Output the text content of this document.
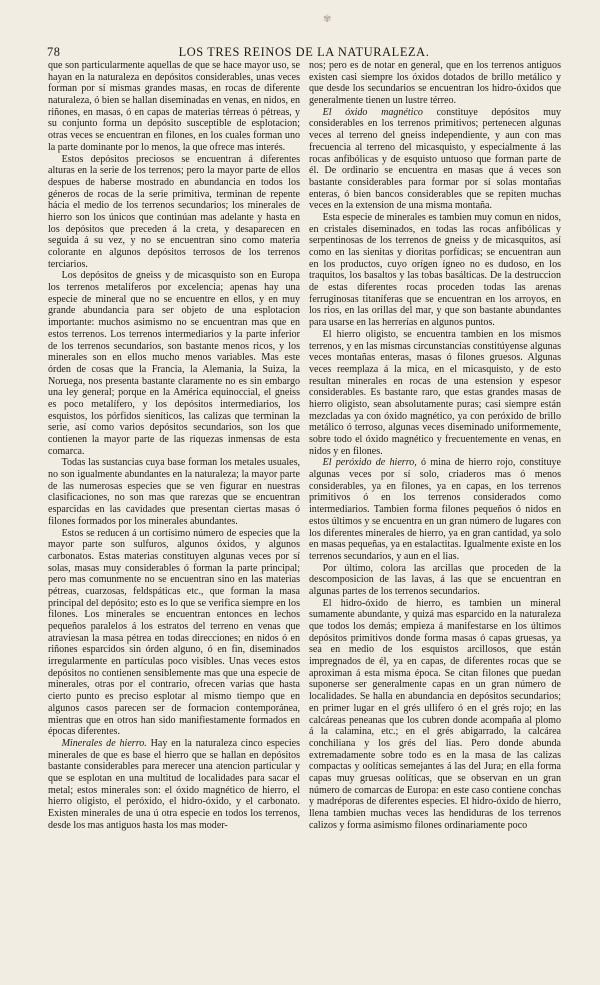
✾
78	LOS TRES REINOS DE LA NATURALEZA.

que son particularmente aquellas de que se hace mayor uso, se hayan en la naturaleza en depósitos considerables, unas veces forman por sí mismas grandes masas, en rocas de diferente naturaleza, ó bien se hallan diseminadas en venas, en nidos, en riñones, en masas, ó en capas de materias térreas ó pétreas, y su conjunto forma un depósito susceptible de esplotacion; otras veces se encuentran en filones, en los cuales forman uno la parte dominante por lo menos, la que ofrece mas interés.

Estos depósitos preciosos se encuentran á diferentes alturas en la serie de los terrenos; pero la mayor parte de ellos despues de haberse mostrado en abundancia en todos los géneros de rocas de la serie primitiva, terminan de repente hácia el medio de los terrenos secundarios; los minerales de hierro son los únicos que continúan mas adelante y hasta en los depósitos que preceden á la creta, y desaparecen en seguida á su vez, y no se encuentran sino como materia colorante en algunos depósitos terrosos de los terrenos terciarios.

Los depósitos de gneiss y de micasquisto son en Europa los terrenos metalíferos por excelencia; apenas hay una especie de mineral que no se encuentre en ellos, y en muy grande abundancia para ser objeto de una esplotacion importante: muchos asimismo no se encuentran mas que en estos terrenos. Los terrenos intermediarios y la parte inferior de los terrenos secundarios, son bastante menos ricos, y los minerales son en ellos mucho menos variables. Mas este órden de cosas que la Francia, la Alemania, la Suiza, la Noruega, nos presenta bastante claramente no es sin embargo una ley general; porque en la América equinoccial, el gneiss es poco metalífero, y los depósitos intermediarios, los esquistos, los pórfidos sieníticos, las calizas que terminan la serie, así como varios depósitos secundarios, son los que contienen la mayor parte de las riquezas inmensas de esta comarca.

Todas las sustancias cuya base forman los metales usuales, no son igualmente abundantes en la naturaleza; la mayor parte de las numerosas especies que se ven figurar en nuestras clasificaciones, no son mas que rarezas que se encuentran esparcidas en las cavidades que presentan ciertas masas ó filones formados por los minerales abundantes.

Estos se reducen á un cortísimo número de especies que la mayor parte son sulfuros, algunos óxidos, y algunos carbonatos. Estas materias constituyen algunas veces por sí solas, masas muy considerables ó forman la parte principal; pero mas comunmente no se encuentran sino en las materias pétreas, cuarzosas, feldspáticas etc., que forman la masa principal del depósito; esto es lo que se verifica siempre en los filones. Los minerales se encuentran entonces en lechos pequeños paralelos á los estratos del terreno en venas que atraviesan la masa pétrea en todas direcciones; en nidos ó en riñones esparcidos sin órden alguno, ó en fin, diseminados irregularmente en partículas poco visibles. Unas veces estos depósitos no contienen sensiblemente mas que una especie de minerales, otras por el contrario, ofrecen varias que hasta cierto punto es preciso esplotar al mismo tiempo que en algunos casos parecen ser de formacion contemporánea, mientras que en otros han sido manifiestamente formados en épocas diferentes.

Minerales de hierro. Hay en la naturaleza cinco especies minerales de que es base el hierro que se hallan en depósitos bastante considerables para merecer una atencion particular y que se esplotan en una multitud de localidades para sacar el metal; estos minerales son: el óxido magnético de hierro, el hierro oligisto, el peróxido, el hidro-óxido, y el carbonato. Existen minerales de una ú otra especie en todos los terrenos, desde los mas antiguos hasta los mas moder-

nos; pero es de notar en general, que en los terrenos antiguos existen casi siempre los óxidos dotados de brillo metálico y que desde los secundarios se encuentran los hidro-óxidos que generalmente tienen un lustre térreo.

El óxido magnético constituye depósitos muy considerables en los terrenos primitivos; pertenecen algunas veces al terreno del gneiss independiente, y aun con mas frecuencia al terreno del micasquisto, y especialmente á las rocas anfibólicas y de esquisto untuoso que forman parte de él. De ordinario se encuentra en masas que á veces son bastante considerables para formar por sí solas montañas enteras, ó bien bancos considerables que se repiten muchas veces en la extension de una misma montaña.

Esta especie de minerales es tambien muy comun en nidos, en cristales diseminados, en todas las rocas anfibólicas y serpentinosas de los terrenos de gneiss y de micasquitos, así como en las sienitas y dioritas porfídicas; se encuentran aun en los productos, cuyo orígen ígneo no es dudoso, en los traquitos, los basaltos y las tobas basálticas. De la destruccion de estas diferentes rocas proceden todas las arenas ferruginosas titaníferas que se encuentran en los arroyos, en los rios, en las orillas del mar, y que son bastante abundantes para usarse en las herrerías en algunos puntos.

El hierro oligisto, se encuentra tambien en los mismos terrenos, y en las mismas circunstancias constitúyense algunas veces montañas enteras, masas ó filones gruesos. Algunas veces reemplaza á la mica, en el micasquisto, y de esto resultan minerales en rocas de una estension y espesor considerables. Es bastante raro, que estas grandes masas de hierro oligisto, sean absolutamente puras; casi siempre están mezcladas ya con óxido magnético, ya con peróxido de brillo metálico ó terroso, algunas veces diseminado uniformemente, sobre todo el óxido magnético y frecuentemente en venas, en nidos y en filones.

El peróxido de hierro, ó mina de hierro rojo, constituye algunas veces por sí solo, criaderos mas ó menos considerables, ya en filones, ya en capas, en los terrenos primitivos ó en los terrenos considerados como intermediarios. Tambien forma filones pequeños ó nidos en estos últimos y se encuentra en un gran número de lugares con los diferentes minerales de hierro, ya en gran cantidad, ya solo en masas pequeñas, ya en estalactitas. Igualmente existe en los terrenos secundarios, y aun en el lias.

Por último, colora las arcillas que proceden de la descomposicion de las lavas, á las que se encuentran en algunas partes de los terrenos secundarios.

El hidro-óxido de hierro, es tambien un mineral sumamente abundante, y quizá mas esparcido en la naturaleza que todos los demás; empieza á manifestarse en los últimos depósitos primitivos donde forma masas ó capas gruesas, ya sea en medio de los esquistos arcillosos, que están impregnados de él, ya en capas, de diferentes rocas que se aproximan á esta misma época. Se citan filones que puedan suponerse ser generalmente capas en un gran número de localidades. Se halla en abundancia en depósitos secundarios; en primer lugar en el grés ullifero ó en el grés rojo; en las calcáreas peneanas que los cubren donde acompaña al plomo á la calamina, etc.; en el grés abigarrado, la calcárea conchiliana y los grés del lias. Pero donde abunda extremadamente sobre todo es en la masa de las calizas compactas y oolíticas semejantes á las del Jura; en ella forma capas muy gruesas oolíticas, que se observan en un gran número de comarcas de Europa: en este caso contiene conchas y madréporas de diferentes especies. El hidro-óxido de hierro, llena tambien muchas veces las hendiduras de los terrenos calizos y forma asimismo filones ordinariamente poco
